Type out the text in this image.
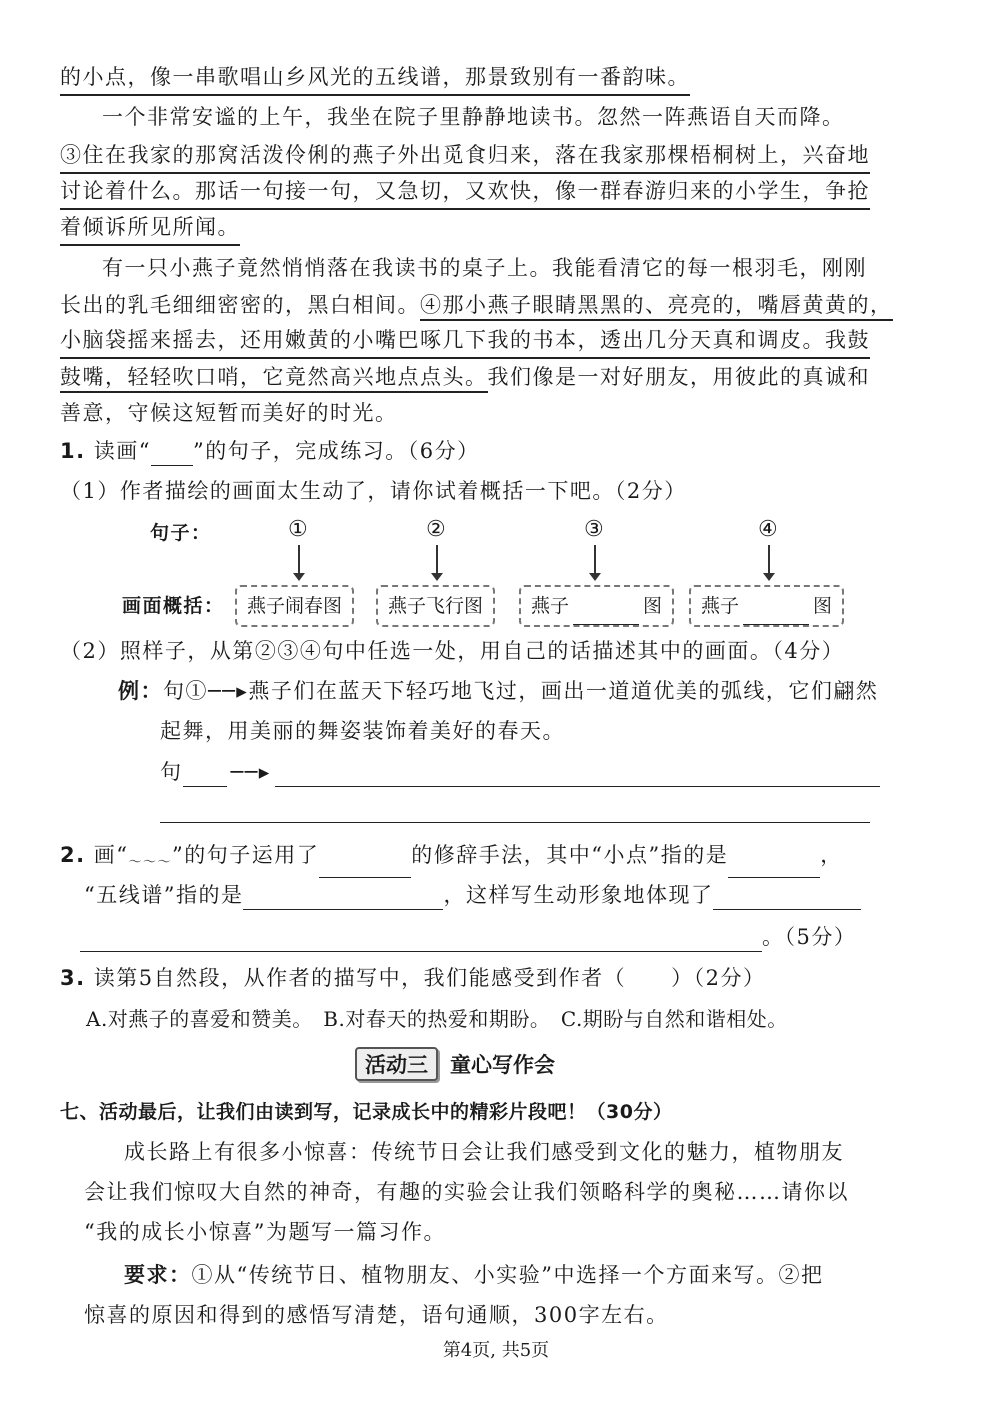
的小点，像一串歌唱山乡风光的五线谱，那景致别有一番韵味。
一个非常安谧的上午，我坐在院子里静静地读书。忽然一阵燕语自天而降。
③住在我家的那窝活泼伶俐的燕子外出觅食归来，落在我家那棵梧桐树上，兴奋地
讨论着什么。那话一句接一句，又急切，又欢快，像一群春游归来的小学生，争抢
着倾诉所见所闻。
有一只小燕子竟然悄悄落在我读书的桌子上。我能看清它的每一根羽毛，刚刚
长出的乳毛细细密密的，黑白相间。④那小燕子眼睛黑黑的、亮亮的，嘴唇黄黄的，
小脑袋摇来摇去，还用嫩黄的小嘴巴啄几下我的书本，透出几分天真和调皮。我鼓
鼓嘴，轻轻吹口哨，它竟然高兴地点点头。我们像是一对好朋友，用彼此的真诚和
善意，守候这短暂而美好的时光。
1. 读画“ ”的句子，完成练习。（6分）
（1）作者描绘的画面太生动了，请你试着概括一下吧。（2分）
句子：	①	②	③	④
画面概括：	燕子闹春图	燕子飞行图	燕子	图	燕子	图
（2）照样子，从第②③④句中任选一处，用自己的话描述其中的画面。（4分）
例：句①──▸燕子们在蓝天下轻巧地飞过，画出一道道优美的弧线，它们翩然
起舞，用美丽的舞姿装饰着美好的春天。
句 ──▸
2. 画“～～～”的句子运用了	的修辞手法，其中“小点”指的是	，
“五线谱”指的是	，这样写生动形象地体现了
。（5分）
3. 读第5自然段，从作者的描写中，我们能感受到作者（　　）（2分）
A.对燕子的喜爱和赞美。　B.对春天的热爱和期盼。　C.期盼与自然和谐相处。
活动三 童心写作会
七、活动最后，让我们由读到写，记录成长中的精彩片段吧！（30分）
成长路上有很多小惊喜：传统节日会让我们感受到文化的魅力，植物朋友
会让我们惊叹大自然的神奇，有趣的实验会让我们领略科学的奥秘……请你以
“我的成长小惊喜”为题写一篇习作。
要求：①从“传统节日、植物朋友、小实验”中选择一个方面来写。②把
惊喜的原因和得到的感悟写清楚，语句通顺，300字左右。
第4页, 共5页
